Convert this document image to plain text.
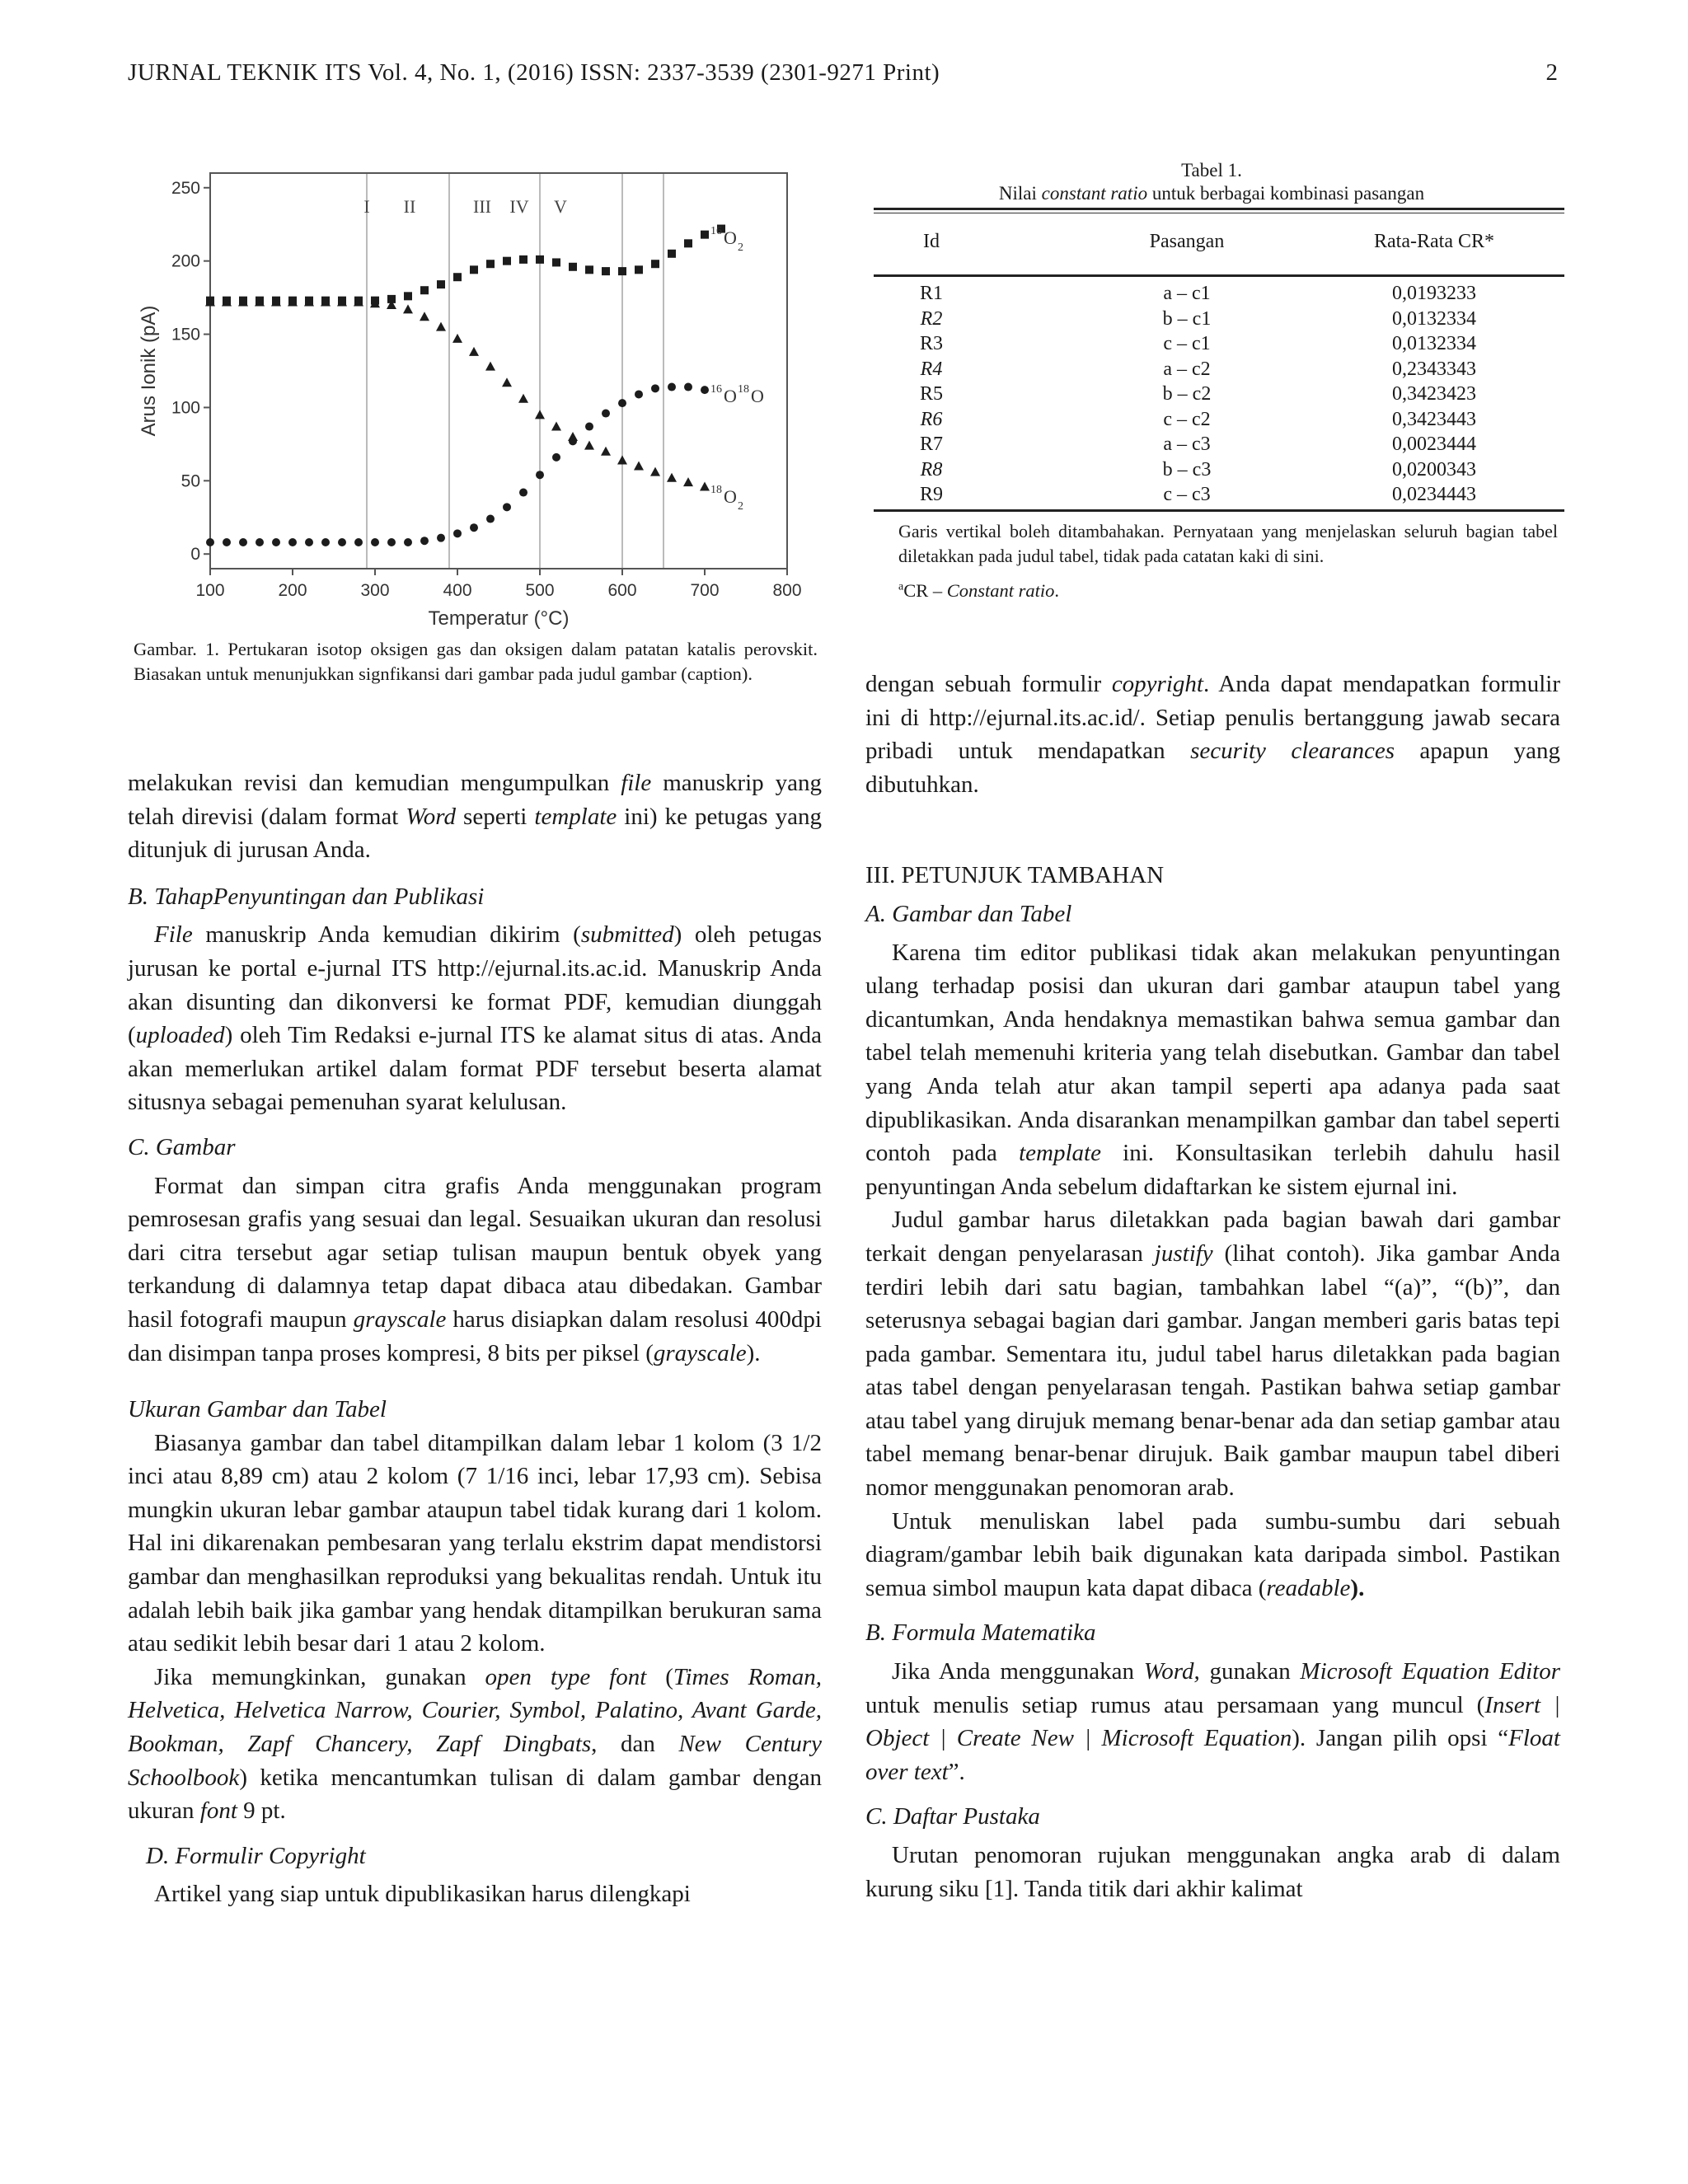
JURNAL TEKNIK ITS Vol. 4, No. 1, (2016) ISSN: 2337-3539 (2301-9271 Print)	2
I II	III IV V
100	200	300	400	500	600	700	800
0
50
100
150
200
250
Temperatur (°C)
Arus Ionik (pA)
16 O 2
16 O 18 O
18 O 2
Gambar. 1. Pertukaran isotop oksigen gas dan oksigen dalam patatan katalis perovskit. Biasakan untuk menunjukkan signfikansi dari gambar pada judul gambar (caption).
Tabel 1.
Nilai constant ratio untuk berbagai kombinasi pasangan
Id	Pasangan	Rata-Rata CR*
R1	a – c1	0,0193233
R2	b – c1	0,0132334
R3	c – c1	0,0132334
R4	a – c2	0,2343343
R5	b – c2	0,3423423
R6	c – c2	0,3423443
R7	a – c3	0,0023444
R8	b – c3	0,0200343
R9	c – c3	0,0234443
Garis vertikal boleh ditambahakan. Pernyataan yang menjelaskan seluruh bagian tabel diletakkan pada judul tabel, tidak pada catatan kaki di sini.
$^a$CR – Constant ratio.

melakukan revisi dan kemudian mengumpulkan file manuskrip yang telah direvisi (dalam format Word seperti template ini) ke petugas yang ditunjuk di jurusan Anda.

B. TahapPenyuntingan dan Publikasi

File manuskrip Anda kemudian dikirim (submitted) oleh petugas jurusan ke portal e-jurnal ITS http://ejurnal.its.ac.id. Manuskrip Anda akan disunting dan dikonversi ke format PDF, kemudian diunggah (uploaded) oleh Tim Redaksi e-jurnal ITS ke alamat situs di atas. Anda akan memerlukan artikel dalam format PDF tersebut beserta alamat situsnya sebagai pemenuhan syarat kelulusan.

C. Gambar

Format dan simpan citra grafis Anda menggunakan program pemrosesan grafis yang sesuai dan legal. Sesuaikan ukuran dan resolusi dari citra tersebut agar setiap tulisan maupun bentuk obyek yang terkandung di dalamnya tetap dapat dibaca atau dibedakan. Gambar hasil fotografi maupun grayscale harus disiapkan dalam resolusi 400dpi dan disimpan tanpa proses kompresi, 8 bits per piksel (grayscale).

Ukuran Gambar dan Tabel

Biasanya gambar dan tabel ditampilkan dalam lebar 1 kolom (3 1/2 inci atau 8,89 cm) atau 2 kolom (7 1/16 inci, lebar 17,93 cm). Sebisa mungkin ukuran lebar gambar ataupun tabel tidak kurang dari 1 kolom. Hal ini dikarenakan pembesaran yang terlalu ekstrim dapat mendistorsi gambar dan menghasilkan reproduksi yang bekualitas rendah. Untuk itu adalah lebih baik jika gambar yang hendak ditampilkan berukuran sama atau sedikit lebih besar dari 1 atau 2 kolom.

Jika memungkinkan, gunakan open type font (Times Roman, Helvetica, Helvetica Narrow, Courier, Symbol, Palatino, Avant Garde, Bookman, Zapf Chancery, Zapf Dingbats, dan New Century Schoolbook) ketika mencantumkan tulisan di dalam gambar dengan ukuran font 9 pt.

D. Formulir Copyright

Artikel yang siap untuk dipublikasikan harus dilengkapi

dengan sebuah formulir copyright. Anda dapat mendapatkan formulir ini di http://ejurnal.its.ac.id/. Setiap penulis bertanggung jawab secara pribadi untuk mendapatkan security clearances apapun yang dibutuhkan.

III. PETUNJUK TAMBAHAN

A. Gambar dan Tabel

Karena tim editor publikasi tidak akan melakukan penyuntingan ulang terhadap posisi dan ukuran dari gambar ataupun tabel yang dicantumkan, Anda hendaknya memastikan bahwa semua gambar dan tabel telah memenuhi kriteria yang telah disebutkan. Gambar dan tabel yang Anda telah atur akan tampil seperti apa adanya pada saat dipublikasikan. Anda disarankan menampilkan gambar dan tabel seperti contoh pada template ini. Konsultasikan terlebih dahulu hasil penyuntingan Anda sebelum didaftarkan ke sistem ejurnal ini.

Judul gambar harus diletakkan pada bagian bawah dari gambar terkait dengan penyelarasan justify (lihat contoh). Jika gambar Anda terdiri lebih dari satu bagian, tambahkan label “(a)”, “(b)”, dan seterusnya sebagai bagian dari gambar. Jangan memberi garis batas tepi pada gambar. Sementara itu, judul tabel harus diletakkan pada bagian atas tabel dengan penyelarasan tengah. Pastikan bahwa setiap gambar atau tabel yang dirujuk memang benar-benar ada dan setiap gambar atau tabel memang benar-benar dirujuk. Baik gambar maupun tabel diberi nomor menggunakan penomoran arab.

Untuk menuliskan label pada sumbu-sumbu dari sebuah diagram/gambar lebih baik digunakan kata daripada simbol. Pastikan semua simbol maupun kata dapat dibaca (readable).

B. Formula Matematika

Jika Anda menggunakan Word, gunakan Microsoft Equation Editor untuk menulis setiap rumus atau persamaan yang muncul (Insert | Object | Create New | Microsoft Equation). Jangan pilih opsi “Float over text”.

C. Daftar Pustaka

Urutan penomoran rujukan menggunakan angka arab di dalam kurung siku [1]. Tanda titik dari akhir kalimat
